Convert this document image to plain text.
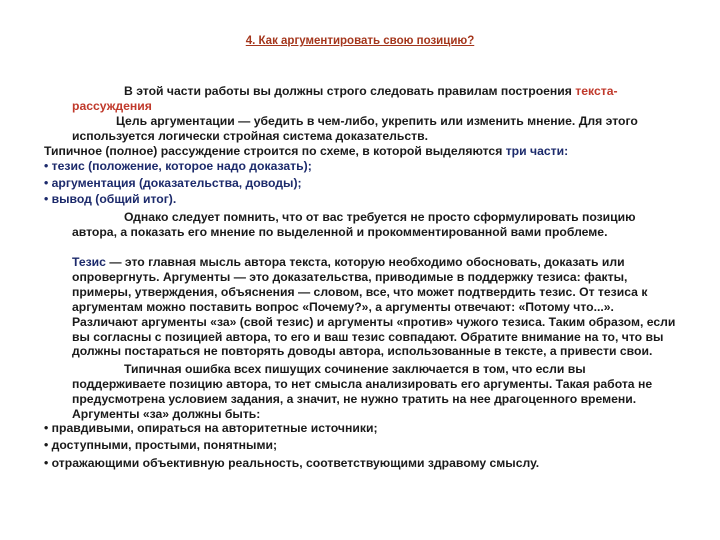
4. Как аргументировать свою позицию?
В этой части работы вы должны строго следовать правилам построения текста-рассуждения
Цель аргументации — убедить в чем-либо, укрепить или изменить мнение. Для этого используется логически стройная система доказательств.
Типичное (полное) рассуждение строится по схеме, в которой выделяются три части:
• тезис (положение, которое надо доказать);
• аргументация (доказательства, доводы);
• вывод (общий итог).
Однако следует помнить, что от вас требуется не просто сформулировать позицию автора, а показать его мнение по выделенной и прокомментированной вами проблеме.
Тезис — это главная мысль автора текста, которую необходимо обосновать, доказать или опровергнуть. Аргументы — это доказательства, приводимые в поддержку тезиса: факты, примеры, утверждения, объяснения — словом, все, что может подтвердить тезис. От тезиса к аргументам можно поставить вопрос «Почему?», а аргументы отвечают: «Потому что...». Различают аргументы «за» (свой тезис) и аргументы «против» чужого тезиса. Таким образом, если вы согласны с позицией автора, то его и ваш тезис совпадают. Обратите внимание на то, что вы должны постараться не повторять доводы автора, использованные в тексте, а привести свои.
Типичная ошибка всех пишущих сочинение заключается в том, что если вы поддерживаете позицию автора, то нет смысла анализировать его аргументы. Такая работа не предусмотрена условием задания, а значит, не нужно тратить на нее драгоценного времени. Аргументы «за» должны быть:
• правдивыми, опираться на авторитетные источники;
• доступными, простыми, понятными;
• отражающими объективную реальность, соответствующими здравому смыслу.
